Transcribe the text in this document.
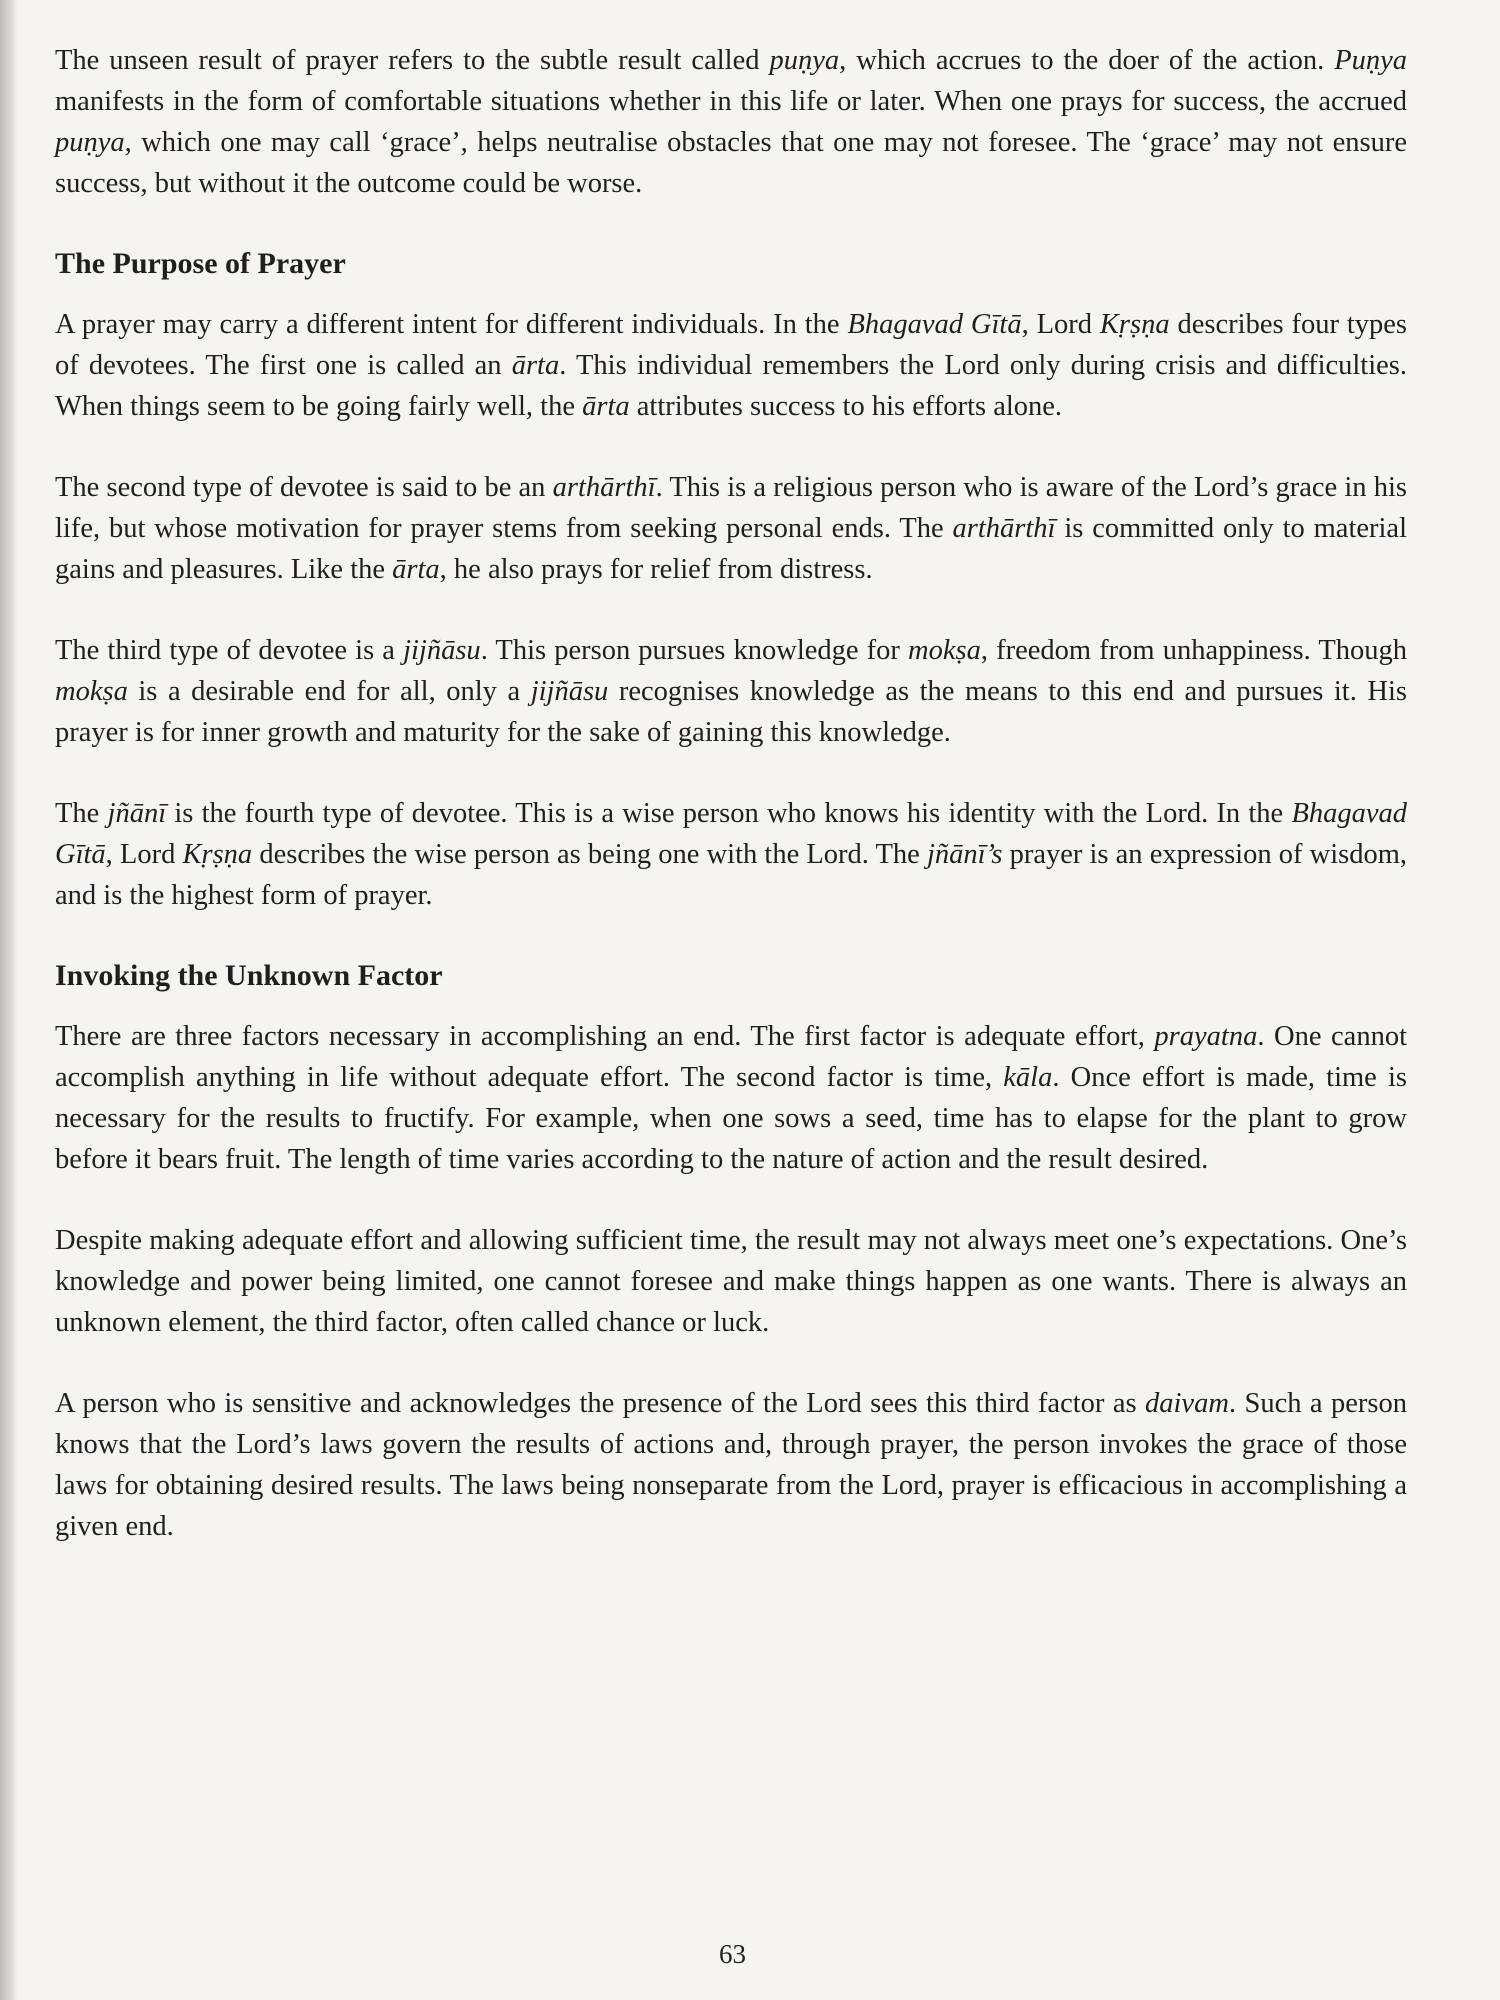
The unseen result of prayer refers to the subtle result called puṇya, which accrues to the doer of the action. Puṇya manifests in the form of comfortable situations whether in this life or later. When one prays for success, the accrued puṇya, which one may call ‘grace’, helps neutralise obstacles that one may not foresee. The ‘grace’ may not ensure success, but without it the outcome could be worse.

The Purpose of Prayer

A prayer may carry a different intent for different individuals. In the Bhagavad Gītā, Lord Kṛṣṇa describes four types of devotees. The first one is called an ārta. This individual remembers the Lord only during crisis and difficulties. When things seem to be going fairly well, the ārta attributes success to his efforts alone.

The second type of devotee is said to be an arthārthī. This is a religious person who is aware of the Lord’s grace in his life, but whose motivation for prayer stems from seeking personal ends. The arthārthī is committed only to material gains and pleasures. Like the ārta, he also prays for relief from distress.

The third type of devotee is a jijñāsu. This person pursues knowledge for mokṣa, freedom from unhappiness. Though mokṣa is a desirable end for all, only a jijñāsu recognises knowledge as the means to this end and pursues it. His prayer is for inner growth and maturity for the sake of gaining this knowledge.

The jñānī is the fourth type of devotee. This is a wise person who knows his identity with the Lord. In the Bhagavad Gītā, Lord Kṛṣṇa describes the wise person as being one with the Lord. The jñānī’s prayer is an expression of wisdom, and is the highest form of prayer.

Invoking the Unknown Factor

There are three factors necessary in accomplishing an end. The first factor is adequate effort, prayatna. One cannot accomplish anything in life without adequate effort. The second factor is time, kāla. Once effort is made, time is necessary for the results to fructify. For example, when one sows a seed, time has to elapse for the plant to grow before it bears fruit. The length of time varies according to the nature of action and the result desired.

Despite making adequate effort and allowing sufficient time, the result may not always meet one’s expectations. One’s knowledge and power being limited, one cannot foresee and make things happen as one wants. There is always an unknown element, the third factor, often called chance or luck.

A person who is sensitive and acknowledges the presence of the Lord sees this third factor as daivam. Such a person knows that the Lord’s laws govern the results of actions and, through prayer, the person invokes the grace of those laws for obtaining desired results. The laws being nonseparate from the Lord, prayer is efficacious in accomplishing a given end.

63
